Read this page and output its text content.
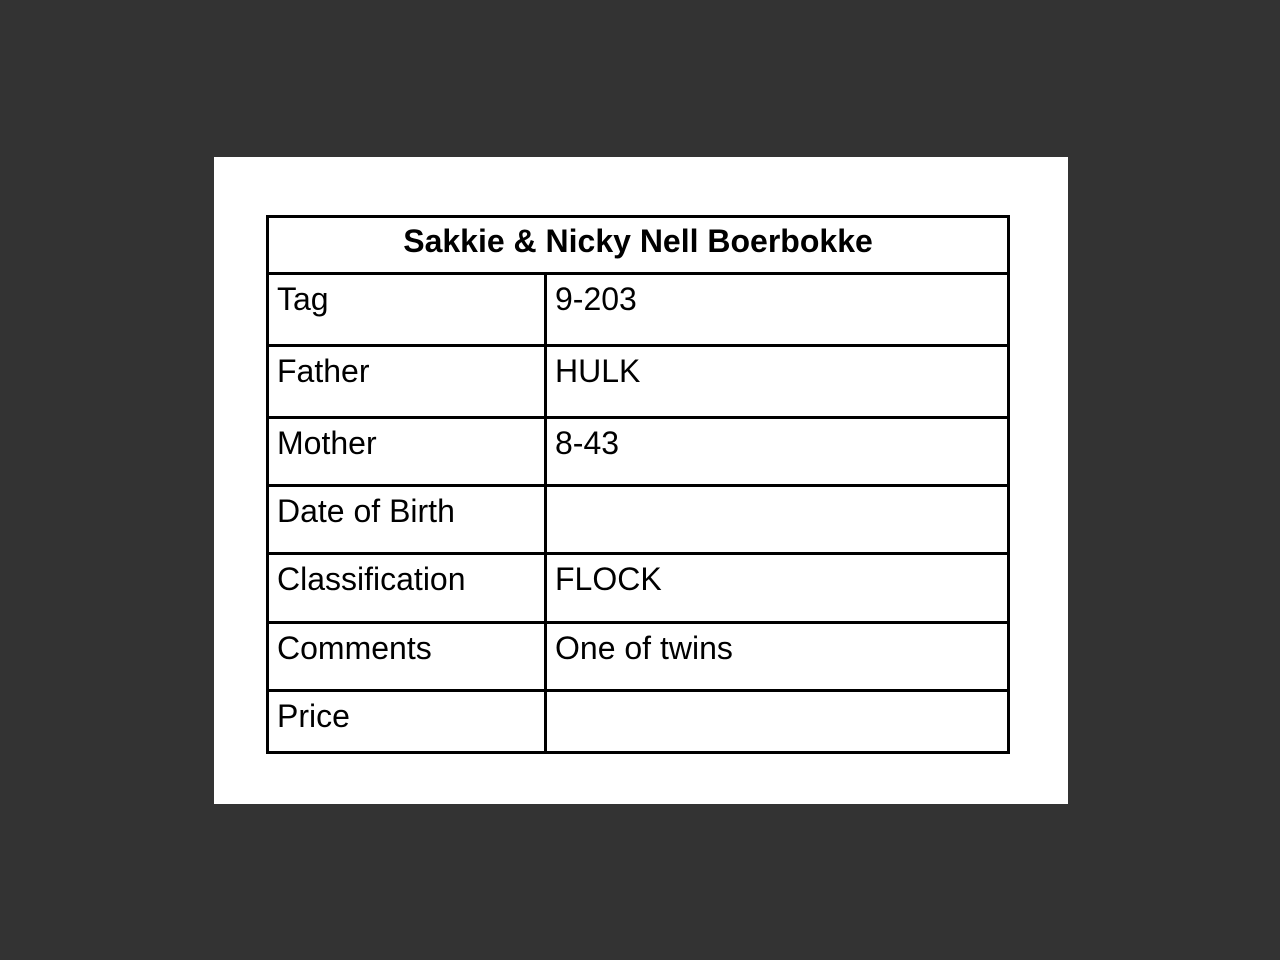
Sakkie & Nicky Nell Boerbokke	
Tag	9-203
Father	HULK
Mother	8-43
Date of Birth	
Classification	FLOCK
Comments	One of twins
Price	
